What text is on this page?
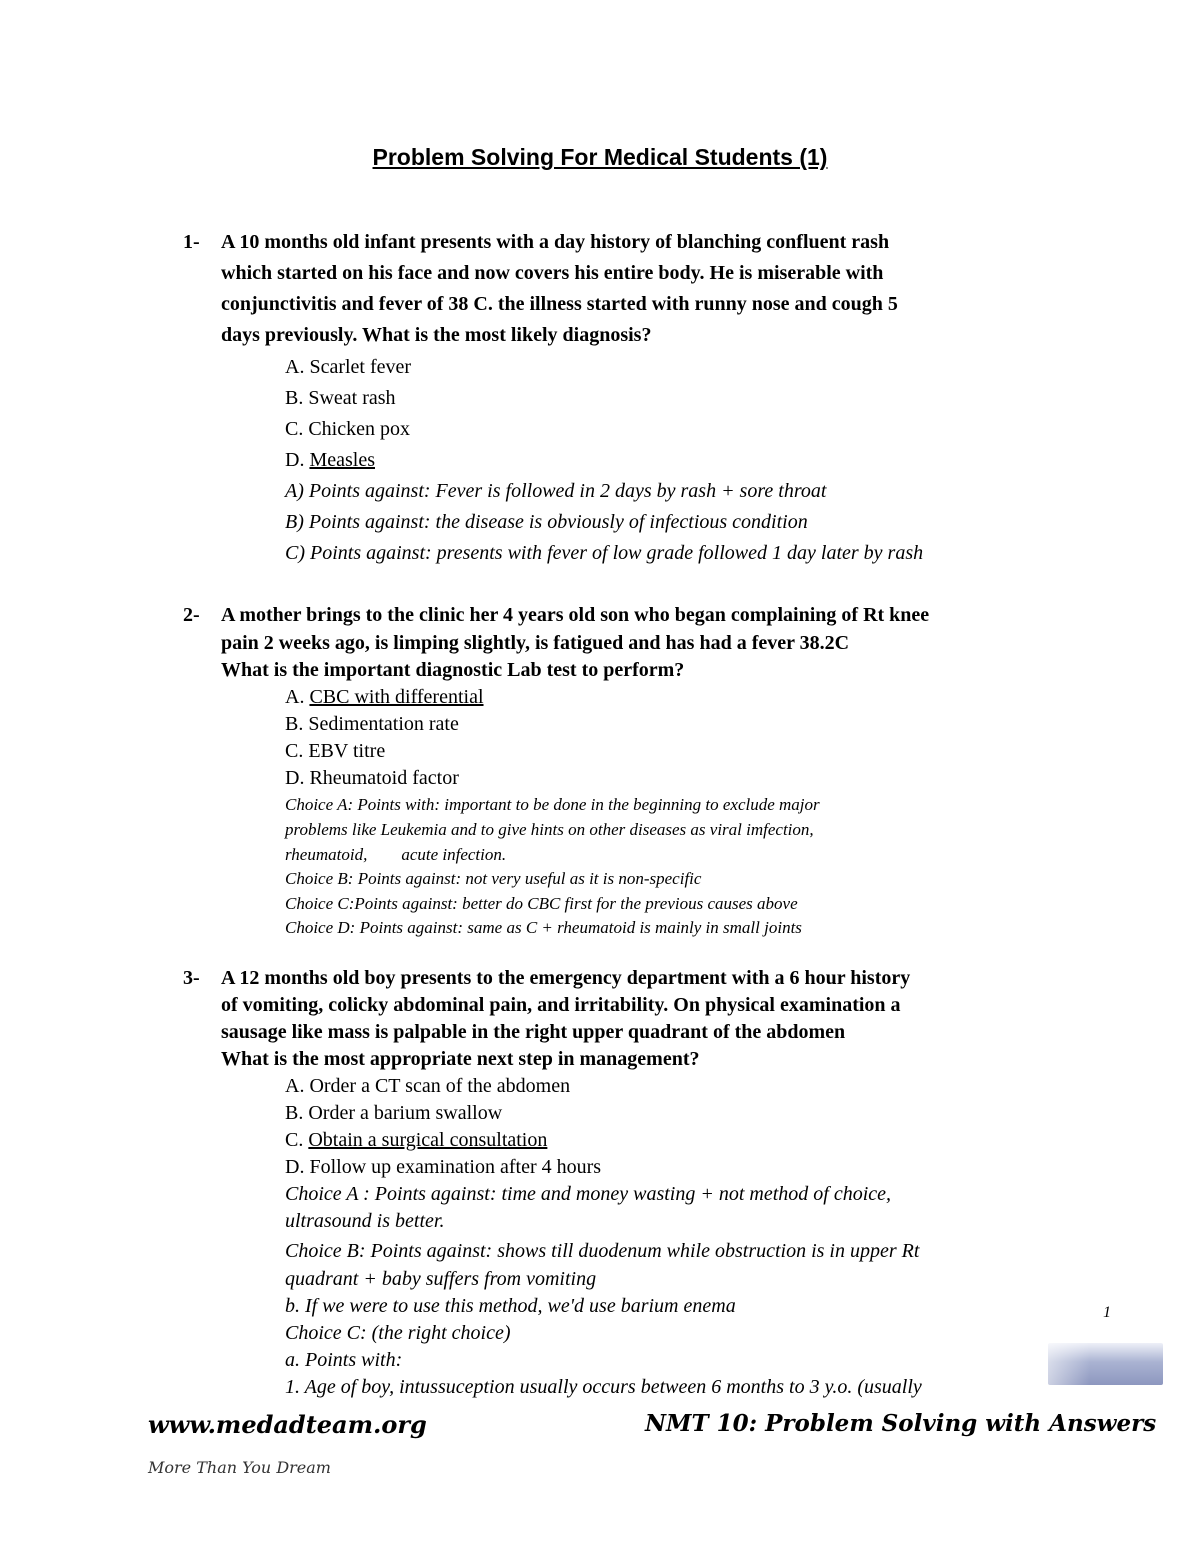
Problem Solving For Medical Students (1)
1- A 10 months old infant presents with a day history of blanching confluent rash
which started on his face and now covers his entire body. He is miserable with
conjunctivitis and fever of 38 C. the illness started with runny nose and cough 5
days previously. What is the most likely diagnosis?
A. Scarlet fever
B. Sweat rash
C. Chicken pox
D. Measles
A) Points against: Fever is followed in 2 days by rash + sore throat
B) Points against: the disease is obviously of infectious condition
C) Points against: presents with fever of low grade followed 1 day later by rash
2- A mother brings to the clinic her 4 years old son who began complaining of Rt knee
pain 2 weeks ago, is limping slightly, is fatigued and has had a fever 38.2C
What is the important diagnostic Lab test to perform?
A. CBC with differential
B. Sedimentation rate
C. EBV titre
D. Rheumatoid factor
Choice A: Points with: important to be done in the beginning to exclude major
problems like Leukemia and to give hints on other diseases as viral imfection,
rheumatoid,        acute infection.
Choice B: Points against: not very useful as it is non-specific
Choice C:Points against: better do CBC first for the previous causes above
Choice D: Points against: same as C + rheumatoid is mainly in small joints
3- A 12 months old boy presents to the emergency department with a 6 hour history
of vomiting, colicky abdominal pain, and irritability. On physical examination a
sausage like mass is palpable in the right upper quadrant of the abdomen
What is the most appropriate next step in management?
A. Order a CT scan of the abdomen
B. Order a barium swallow
C. Obtain a surgical consultation
D. Follow up examination after 4 hours
Choice A : Points against: time and money wasting + not method of choice,
ultrasound is better.
Choice B: Points against: shows till duodenum while obstruction is in upper Rt
quadrant + baby suffers from vomiting
b. If we were to use this method, we'd use barium enema
Choice C: (the right choice)
a. Points with:
1. Age of boy, intussuception usually occurs between 6 months to 3 y.o. (usually
1
www.medadteam.org	NMT 10: Problem Solving with Answers
More Than You Dream
